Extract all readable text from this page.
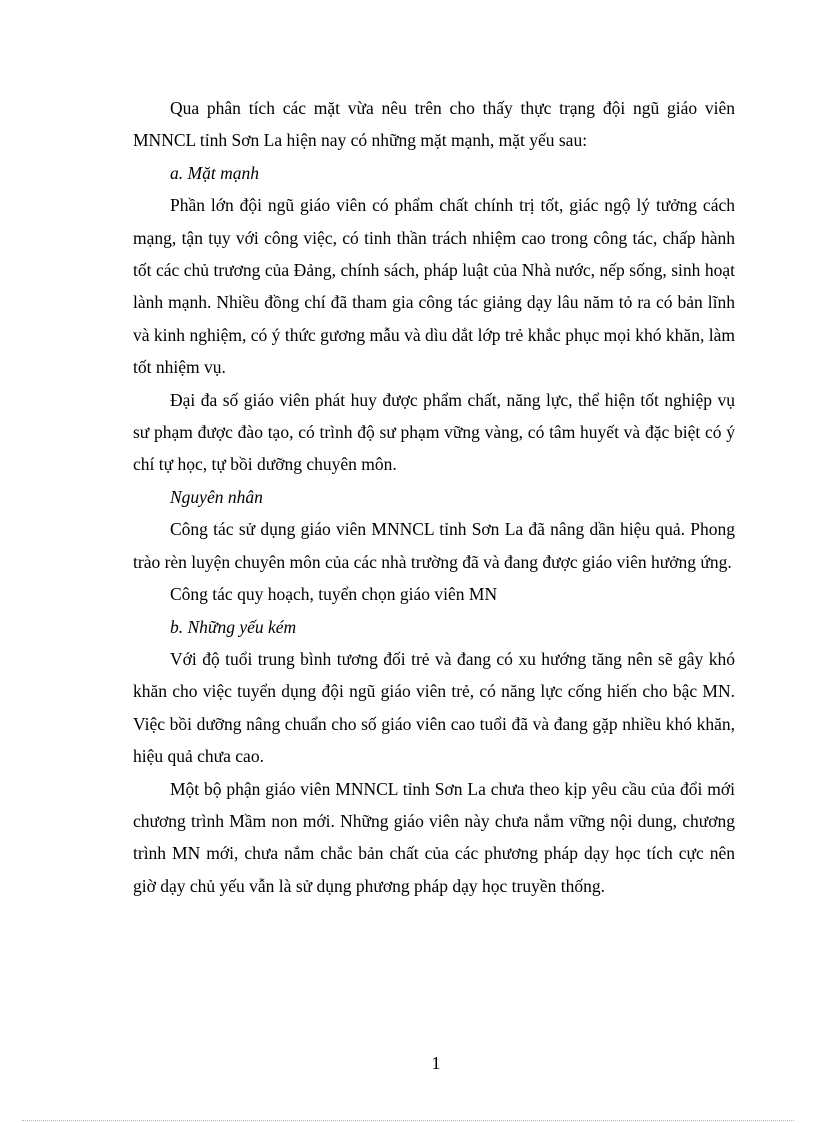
Qua phân tích các mặt vừa nêu trên cho thấy thực trạng đội ngũ giáo viên MNNCL tỉnh Sơn La hiện nay có những mặt mạnh, mặt yếu sau:

a. Mặt mạnh

Phần lớn đội ngũ giáo viên có phẩm chất chính trị tốt, giác ngộ lý tưởng cách mạng, tận tụy với công việc, có tinh thần trách nhiệm cao trong công tác, chấp hành tốt các chủ trương của Đảng, chính sách, pháp luật của Nhà nước, nếp sống, sinh hoạt lành mạnh. Nhiều đồng chí đã tham gia công tác giảng dạy lâu năm tỏ ra có bản lĩnh và kinh nghiệm, có ý thức gương mẫu và dìu dắt lớp trẻ khắc phục mọi khó khăn, làm tốt nhiệm vụ.

Đại đa số giáo viên phát huy được phẩm chất, năng lực, thể hiện tốt nghiệp vụ sư phạm được đào tạo, có trình độ sư phạm vững vàng, có tâm huyết và đặc biệt có ý chí tự học, tự bồi dưỡng chuyên môn.

Nguyên nhân

Công tác sử dụng giáo viên MNNCL tỉnh Sơn La đã nâng dần hiệu quả. Phong trào rèn luyện chuyên môn của các nhà trường đã và đang được giáo viên hưởng ứng.

Công tác quy hoạch, tuyển chọn giáo viên MN

b. Những yếu kém

Với độ tuổi trung bình tương đối trẻ và đang có xu hướng tăng nên sẽ gây khó khăn cho việc tuyển dụng đội ngũ giáo viên trẻ, có năng lực cống hiến cho bậc MN. Việc bồi dưỡng nâng chuẩn cho số giáo viên cao tuổi đã và đang gặp nhiều khó khăn, hiệu quả chưa cao.

Một bộ phận giáo viên MNNCL tỉnh Sơn La chưa theo kịp yêu cầu của đổi mới chương trình Mầm non mới. Những giáo viên này chưa nắm vững nội dung, chương trình MN mới, chưa nắm chắc bản chất của các phương pháp dạy học tích cực nên giờ dạy chủ yếu vẫn là sử dụng phương pháp dạy học truyền thống.

1
